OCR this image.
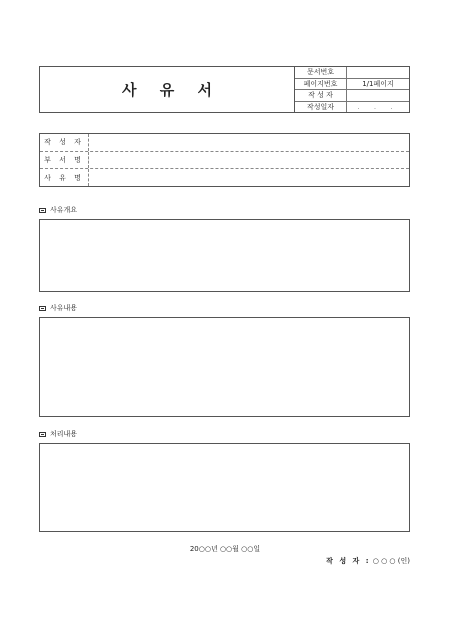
사 유 서
문서번호
페이지번호	1/1페이지
작 성 자
작성일자	. . .
작 성 자
부 서 명
사 유 명
사유개요
사유내용
처리내용
20○○년 ○○월 ○○일
작 성 자 : ○ ○ ○ (인)
